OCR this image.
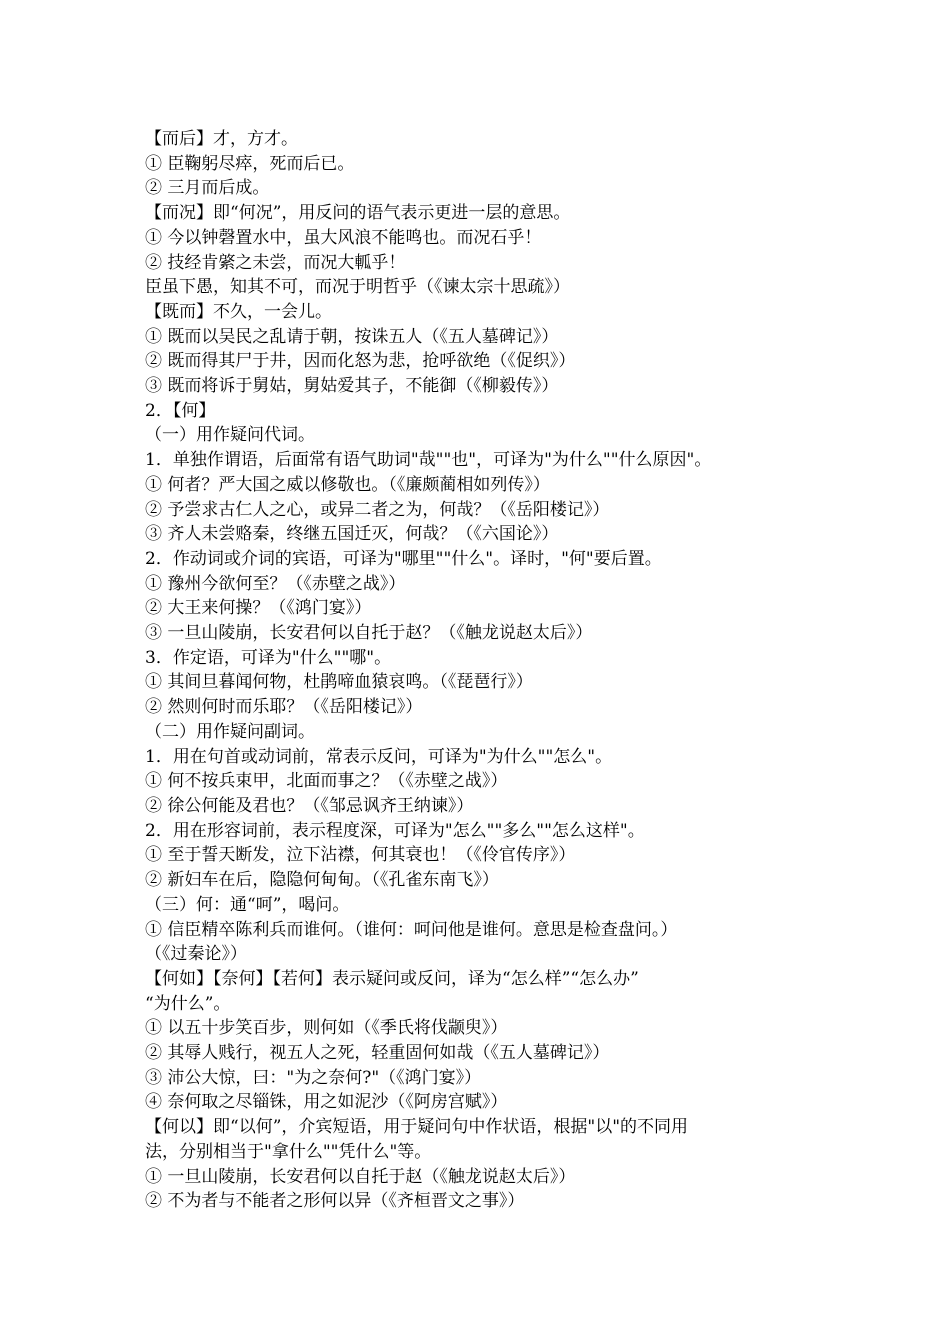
【而后】才，方才。
① 臣鞠躬尽瘁，死而后已。
② 三月而后成。
【而况】即“何况”，用反问的语气表示更进一层的意思。
① 今以钟磬置水中，虽大风浪不能鸣也。而况石乎！
② 技经肯綮之未尝，而况大軱乎！
臣虽下愚，知其不可，而况于明哲乎（《谏太宗十思疏》）
【既而】不久，一会儿。
① 既而以吴民之乱请于朝，按诛五人（《五人墓碑记》）
② 既而得其尸于井，因而化怒为悲，抢呼欲绝（《促织》）
③ 既而将诉于舅姑，舅姑爱其子，不能御（《柳毅传》）
2．【何】
（一）用作疑问代词。
1．单独作谓语，后面常有语气助词"哉""也"，可译为"为什么""什么原因"。
① 何者？严大国之威以修敬也。（《廉颇蔺相如列传》）
② 予尝求古仁人之心，或异二者之为，何哉？（《岳阳楼记》）
③ 齐人未尝赂秦，终继五国迁灭，何哉？（《六国论》）
2．作动词或介词的宾语，可译为"哪里""什么"。译时，"何"要后置。
① 豫州今欲何至？（《赤壁之战》）
② 大王来何操？（《鸿门宴》）
③ 一旦山陵崩，长安君何以自托于赵？（《触龙说赵太后》）
3．作定语，可译为"什么""哪"。
① 其间旦暮闻何物，杜鹃啼血猿哀鸣。（《琵琶行》）
② 然则何时而乐耶？（《岳阳楼记》）
（二）用作疑问副词。
1．用在句首或动词前，常表示反问，可译为"为什么""怎么"。
① 何不按兵束甲，北面而事之？（《赤壁之战》）
② 徐公何能及君也？（《邹忌讽齐王纳谏》）
2．用在形容词前，表示程度深，可译为"怎么""多么""怎么这样"。
① 至于誓天断发，泣下沾襟，何其衰也！（《伶官传序》）
② 新妇车在后，隐隐何甸甸。（《孔雀东南飞》）
（三）何：通“呵”，喝问。
① 信臣精卒陈利兵而谁何。（谁何：呵问他是谁何。意思是检查盘问。）
（《过秦论》）
【何如】【奈何】【若何】表示疑问或反问，译为“怎么样”“怎么办”
“为什么”。
① 以五十步笑百步，则何如（《季氏将伐颛臾》）
② 其辱人贱行，视五人之死，轻重固何如哉（《五人墓碑记》）
③ 沛公大惊，曰："为之奈何?"（《鸿门宴》）
④ 奈何取之尽锱铢，用之如泥沙（《阿房宫赋》）
【何以】即“以何”，介宾短语，用于疑问句中作状语，根据"以"的不同用
法，分别相当于"拿什么""凭什么"等。
① 一旦山陵崩，长安君何以自托于赵（《触龙说赵太后》）
② 不为者与不能者之形何以异（《齐桓晋文之事》）
